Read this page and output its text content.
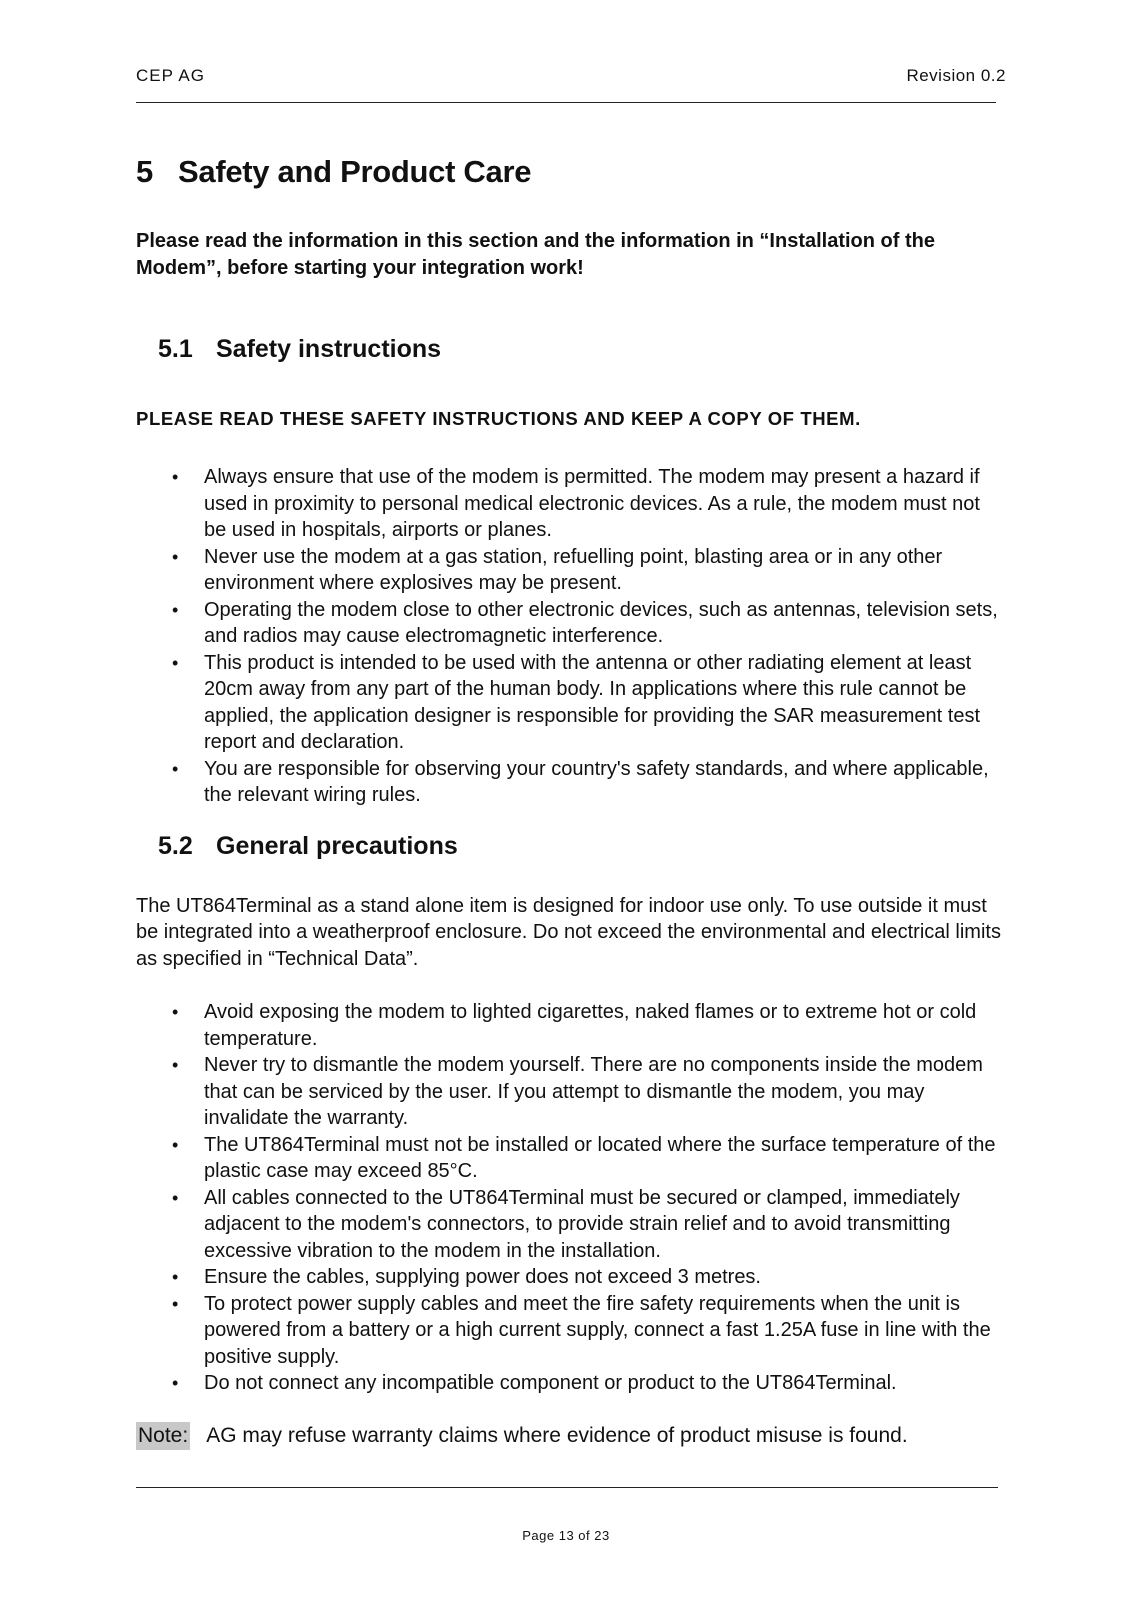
CEP AG	Revision 0.2
5 Safety and Product Care

Please read the information in this section and the information in “Installation of the Modem”, before starting your integration work!

5.1 Safety instructions

PLEASE READ THESE SAFETY INSTRUCTIONS AND KEEP A COPY OF THEM.

• Always ensure that use of the modem is permitted. The modem may present a hazard if used in proximity to personal medical electronic devices. As a rule, the modem must not be used in hospitals, airports or planes.
• Never use the modem at a gas station, refuelling point, blasting area or in any other environment where explosives may be present.
• Operating the modem close to other electronic devices, such as antennas, television sets, and radios may cause electromagnetic interference.
• This product is intended to be used with the antenna or other radiating element at least 20cm away from any part of the human body. In applications where this rule cannot be applied, the application designer is responsible for providing the SAR measurement test report and declaration.
• You are responsible for observing your country's safety standards, and where applicable, the relevant wiring rules.
5.2 General precautions

The UT864Terminal as a stand alone item is designed for indoor use only. To use outside it must be integrated into a weatherproof enclosure. Do not exceed the environmental and electrical limits as specified in “Technical Data”.

• Avoid exposing the modem to lighted cigarettes, naked flames or to extreme hot or cold temperature.
• Never try to dismantle the modem yourself. There are no components inside the modem that can be serviced by the user. If you attempt to dismantle the modem, you may invalidate the warranty.
• The UT864Terminal must not be installed or located where the surface temperature of the plastic case may exceed 85°C.
• All cables connected to the UT864Terminal must be secured or clamped, immediately adjacent to the modem's connectors, to provide strain relief and to avoid transmitting excessive vibration to the modem in the installation.
• Ensure the cables, supplying power does not exceed 3 metres.
• To protect power supply cables and meet the fire safety requirements when the unit is powered from a battery or a high current supply, connect a fast 1.25A fuse in line with the positive supply.
• Do not connect any incompatible component or product to the UT864Terminal.
Note: AG may refuse warranty claims where evidence of product misuse is found.
Page 13 of 23
